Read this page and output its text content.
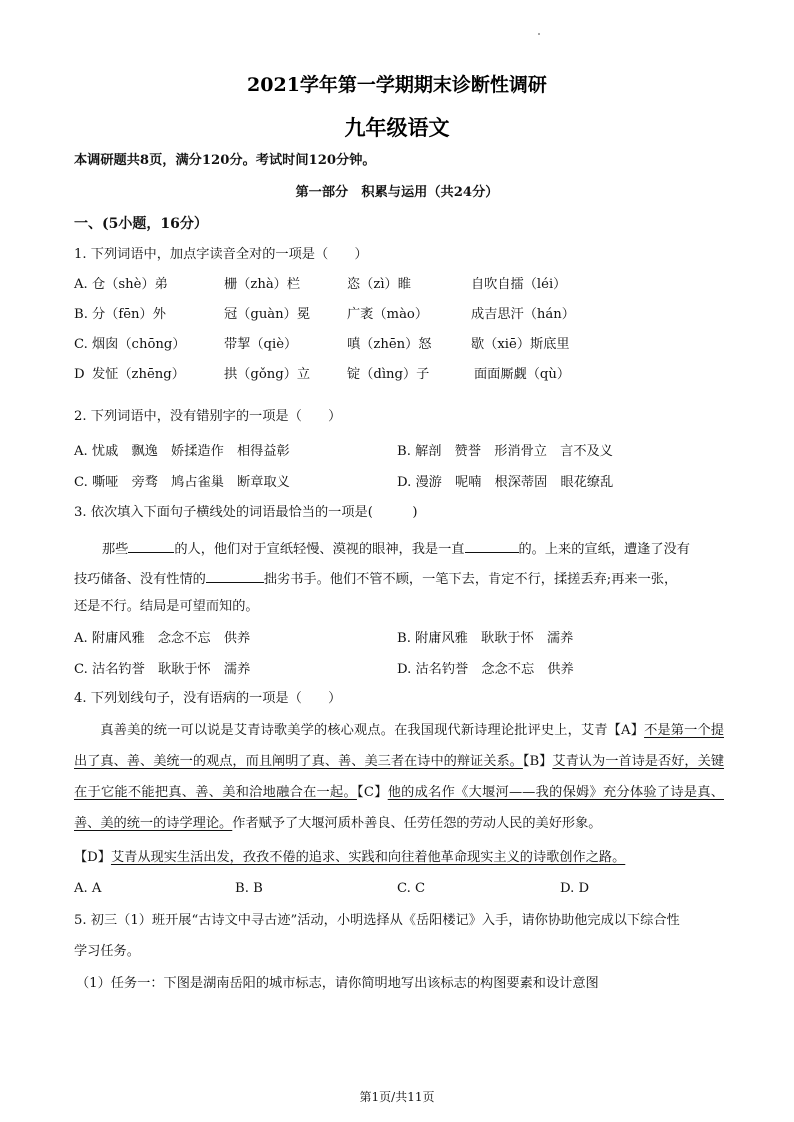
2021学年第一学期期末诊断性调研
九年级语文
本调研题共8页，满分120分。考试时间120分钟。
第一部分　积累与运用（共24分）
一、(5小题，16分）
1. 下列词语中，加点字读音全对的一项是（　　）
A. 仓（shè）弟	栅（zhà）栏	恣（zì）睢	自吹自擂（léi）
B. 分（fēn）外	冠（guàn）冕	广袤（mào）	成吉思汗（hán）
C. 烟囱（chōng）	带挈（qiè）	嗔（zhēn）怒	歇（xiē）斯底里
D 发怔（zhēng）	拱（gǒng）立	锭（dìng）子	面面厮觑（qù）
2. 下列词语中，没有错别字的一项是（　　）
A. 忧戚　飘逸　娇揉造作　相得益彰	B. 解剖　赞誉　形消骨立　言不及义
C. 嘶哑　旁骛　鸠占雀巢　断章取义	D. 漫游　呢喃　根深蒂固　眼花缭乱
3. 依次填入下面句子横线处的词语最恰当的一项是(　　　)
那些	的人，他们对于宣纸轻慢、漠视的眼神，我是一直	的。上来的宣纸，遭逢了没有
技巧储备、没有性情的	拙劣书手。他们不管不顾，一笔下去，肯定不行，揉搓丢弃;再来一张，
还是不行。结局是可望而知的。
A. 附庸风雅　念念不忘　供养	B. 附庸风雅　耿耿于怀　濡养
C. 沽名钓誉　耿耿于怀　濡养	D. 沽名钓誉　念念不忘　供养
4. 下列划线句子，没有语病的一项是（　　）
真善美的统一可以说是艾青诗歌美学的核心观点。在我国现代新诗理论批评史上，艾青【A】不是第一个提出了真、善、美统一的观点，而且阐明了真、善、美三者在诗中的辩证关系。【B】艾青认为一首诗是否好，关键在于它能不能把真、善、美和洽地融合在一起。【C】他的成名作《大堰河——我的保姆》充分体验了诗是真、善、美的统一的诗学理论。作者赋予了大堰河质朴善良、任劳任怨的劳动人民的美好形象。
【D】艾青从现实生活出发，孜孜不倦的追求、实践和向往着他革命现实主义的诗歌创作之路。
A. A	B. B	C. C	D. D
5. 初三（1）班开展“古诗文中寻古迹”活动，小明选择从《岳阳楼记》入手，请你协助他完成以下综合性
学习任务。
（1）任务一：下图是湖南岳阳的城市标志，请你简明地写出该标志的构图要素和设计意图
第1页/共11页
